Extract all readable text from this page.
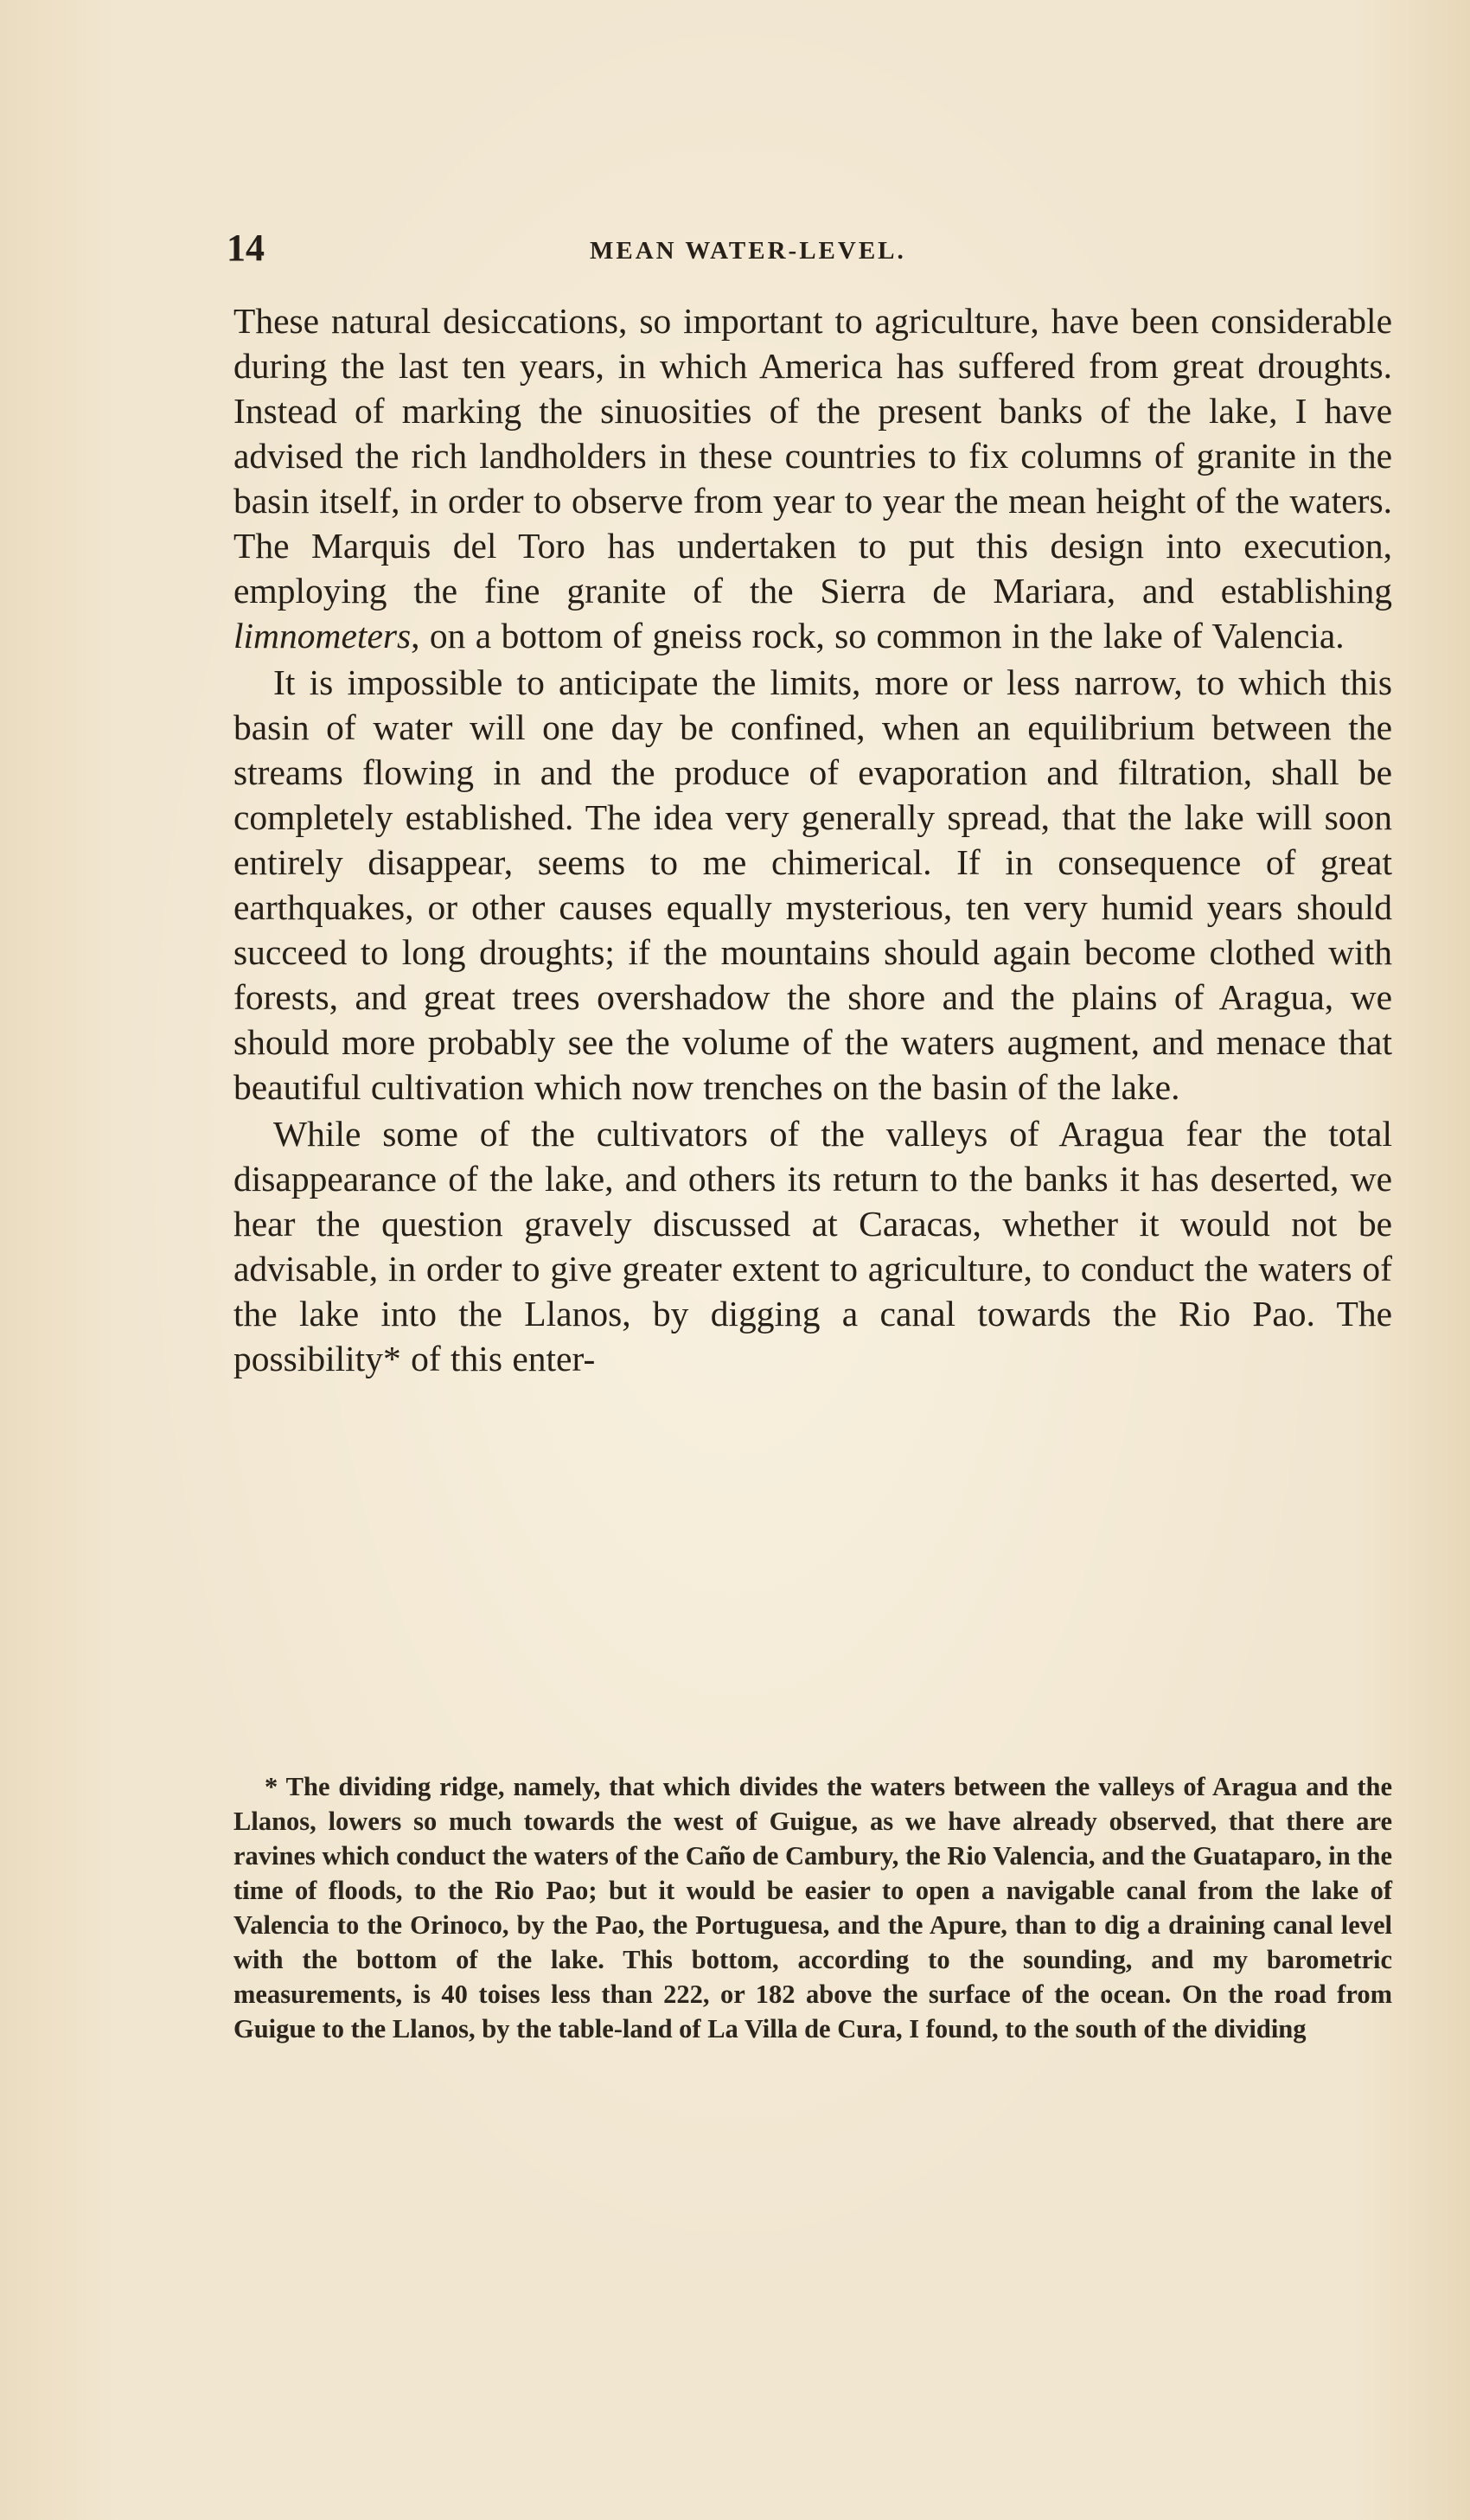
14	MEAN WATER-LEVEL.

These natural desiccations, so important to agriculture, have been considerable during the last ten years, in which America has suffered from great droughts. Instead of marking the sinuosities of the present banks of the lake, I have advised the rich landholders in these countries to fix columns of granite in the basin itself, in order to observe from year to year the mean height of the waters. The Marquis del Toro has undertaken to put this design into execution, employing the fine granite of the Sierra de Mariara, and establishing limnometers, on a bottom of gneiss rock, so common in the lake of Valencia.

It is impossible to anticipate the limits, more or less narrow, to which this basin of water will one day be confined, when an equilibrium between the streams flowing in and the produce of evaporation and filtration, shall be completely established. The idea very generally spread, that the lake will soon entirely disappear, seems to me chimerical. If in consequence of great earthquakes, or other causes equally mysterious, ten very humid years should succeed to long droughts; if the mountains should again become clothed with forests, and great trees overshadow the shore and the plains of Aragua, we should more probably see the volume of the waters augment, and menace that beautiful cultivation which now trenches on the basin of the lake.

While some of the cultivators of the valleys of Aragua fear the total disappearance of the lake, and others its return to the banks it has deserted, we hear the question gravely discussed at Caracas, whether it would not be advisable, in order to give greater extent to agriculture, to conduct the waters of the lake into the Llanos, by digging a canal towards the Rio Pao. The possibility* of this enter-

* The dividing ridge, namely, that which divides the waters between the valleys of Aragua and the Llanos, lowers so much towards the west of Guigue, as we have already observed, that there are ravines which conduct the waters of the Caño de Cambury, the Rio Valencia, and the Guataparo, in the time of floods, to the Rio Pao; but it would be easier to open a navigable canal from the lake of Valencia to the Orinoco, by the Pao, the Portuguesa, and the Apure, than to dig a draining canal level with the bottom of the lake. This bottom, according to the sounding, and my barometric measurements, is 40 toises less than 222, or 182 above the surface of the ocean. On the road from Guigue to the Llanos, by the table-land of La Villa de Cura, I found, to the south of the dividing
